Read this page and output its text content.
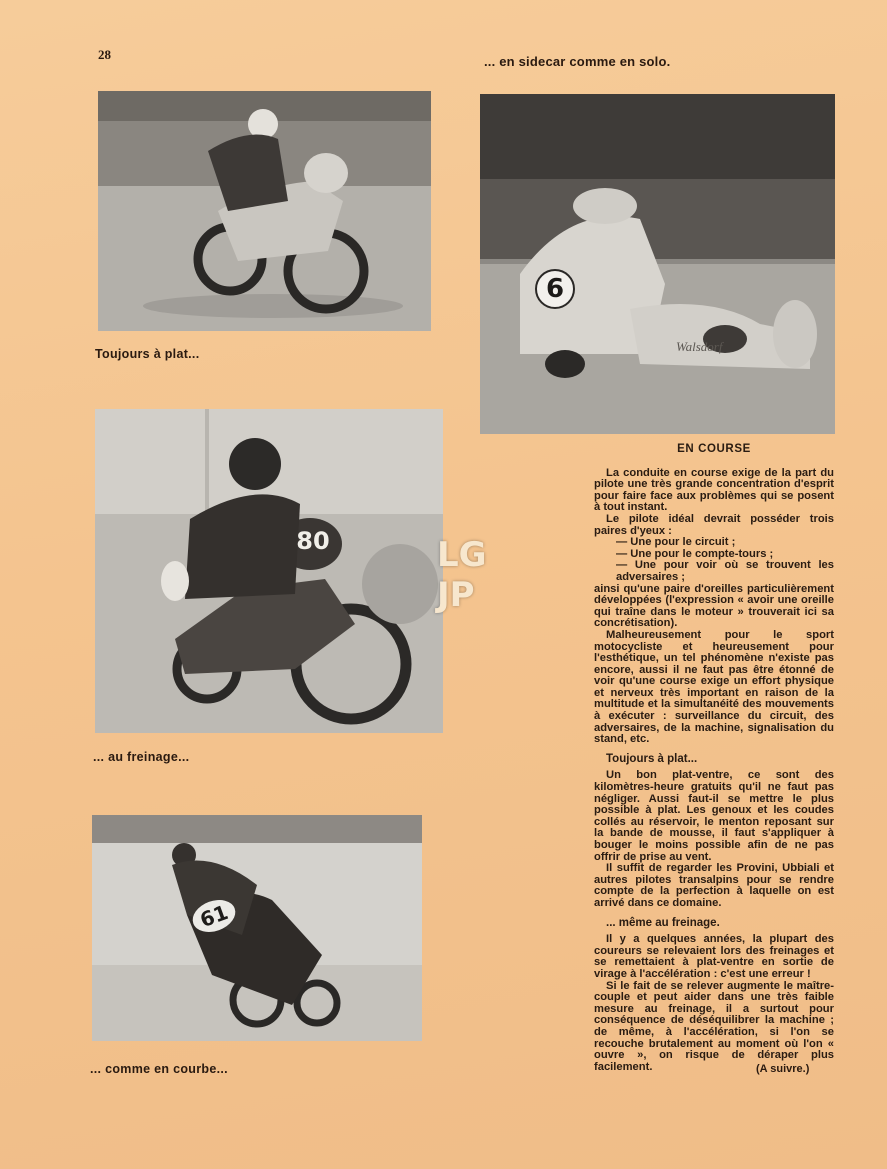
28	... en sidecar comme en solo.
Toujours à plat...
80	LG
JP
... au freinage...
61
... comme en courbe...
6
Walsdorf
EN COURSE

La conduite en course exige de la part du pilote une très grande concentration d'esprit pour faire face aux problèmes qui se posent à tout instant.

Le pilote idéal devrait posséder trois paires d'yeux :

— Une pour le circuit ;

— Une pour le compte-tours ;

— Une pour voir où se trouvent les adversaires ;

ainsi qu'une paire d'oreilles particulièrement développées (l'expression « avoir une oreille qui traîne dans le moteur » trouverait ici sa concrétisation).

Malheureusement pour le sport motocycliste et heureusement pour l'esthétique, un tel phénomène n'existe pas encore, aussi il ne faut pas être étonné de voir qu'une course exige un effort physique et nerveux très important en raison de la multitude et la simultanéité des mouvements à exécuter : surveillance du circuit, des adversaires, de la machine, signalisation du stand, etc.

Toujours à plat...

Un bon plat-ventre, ce sont des kilomètres-heure gratuits qu'il ne faut pas négliger. Aussi faut-il se mettre le plus possible à plat. Les genoux et les coudes collés au réservoir, le menton reposant sur la bande de mousse, il faut s'appliquer à bouger le moins possible afin de ne pas offrir de prise au vent.

Il suffit de regarder les Provini, Ubbiali et autres pilotes transalpins pour se rendre compte de la perfection à laquelle on est arrivé dans ce domaine.

... même au freinage.

Il y a quelques années, la plupart des coureurs se relevaient lors des freinages et se remettaient à plat-ventre en sortie de virage à l'accélération : c'est une erreur !

Si le fait de se relever augmente le maître-couple et peut aider dans une très faible mesure au freinage, il a surtout pour conséquence de déséquilibrer la machine ; de même, à l'accélération, si l'on se recouche brutalement au moment où l'on « ouvre », on risque de déraper plus facilement.	(A suivre.)
